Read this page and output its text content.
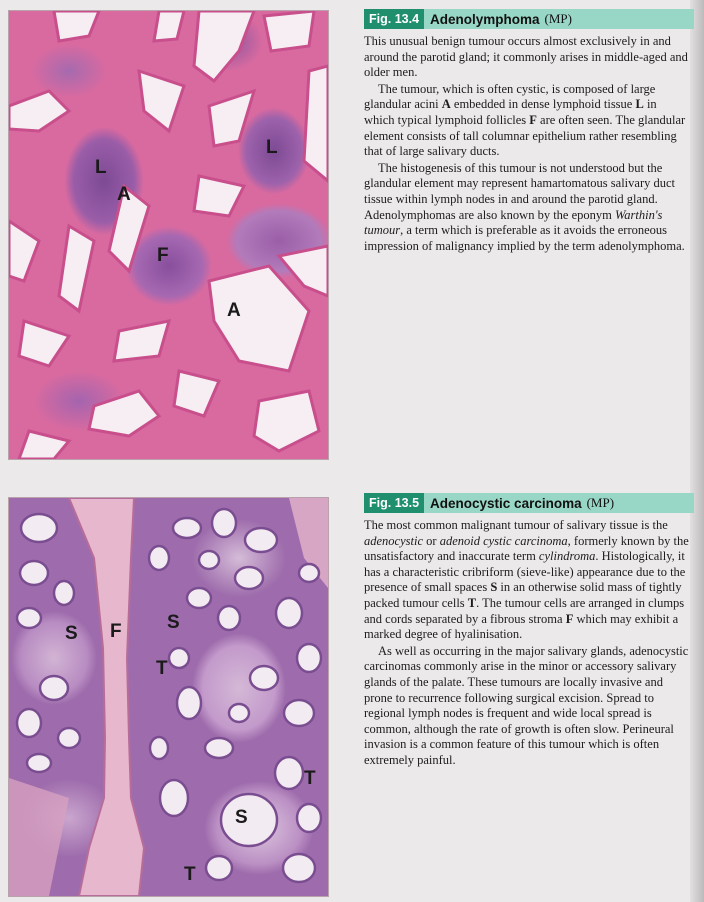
L
L
A
F
A
Fig. 13.4 Adenolymphoma (MP)

This unusual benign tumour occurs almost exclusively in and around the parotid gland; it commonly arises in middle-aged and older men.

The tumour, which is often cystic, is composed of large glandular acini A embedded in dense lymphoid tissue L in which typical lymphoid follicles F are often seen. The glandular element consists of tall columnar epithelium rather resembling that of large salivary ducts.

The histogenesis of this tumour is not understood but the glandular element may represent hamartomatous salivary duct tissue within lymph nodes in and around the parotid gland. Adenolymphomas are also known by the eponym Warthin's tumour, a term which is preferable as it avoids the erroneous impression of malignancy implied by the term adenolymphoma.

S F S
T
T
S
T
Fig. 13.5 Adenocystic carcinoma (MP)

The most common malignant tumour of salivary tissue is the adenocystic or adenoid cystic carcinoma, formerly known by the unsatisfactory and inaccurate term cylindroma. Histologically, it has a characteristic cribriform (sieve-like) appearance due to the presence of small spaces S in an otherwise solid mass of tightly packed tumour cells T. The tumour cells are arranged in clumps and cords separated by a fibrous stroma F which may exhibit a marked degree of hyalinisation.

As well as occurring in the major salivary glands, adenocystic carcinomas commonly arise in the minor or accessory salivary glands of the palate. These tumours are locally invasive and prone to recurrence following surgical excision. Spread to regional lymph nodes is frequent and wide local spread is common, although the rate of growth is often slow. Perineural invasion is a common feature of this tumour which is often extremely painful.
